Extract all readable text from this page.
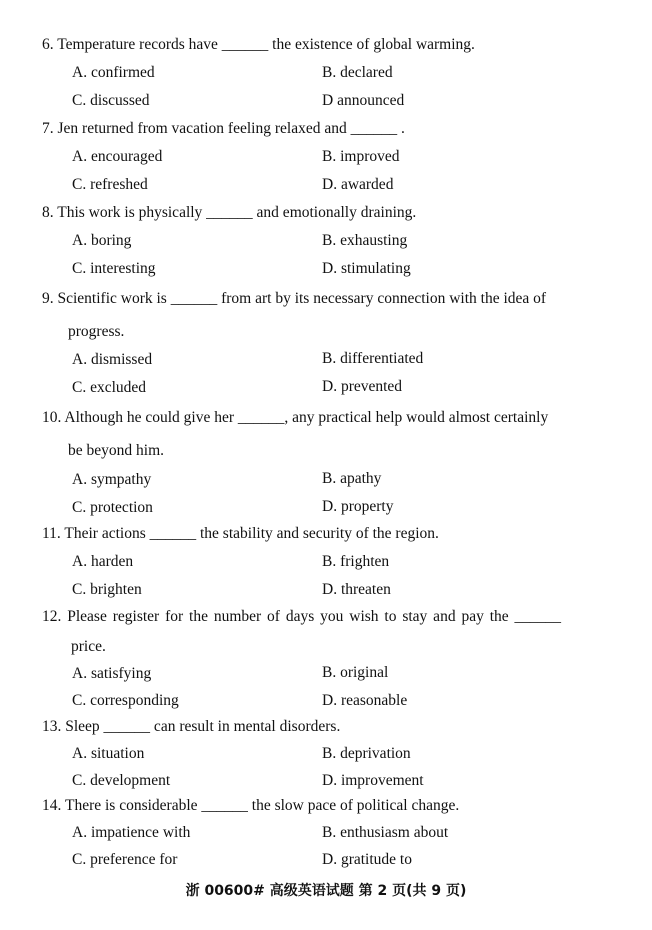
6. Temperature records have ______ the existence of global warming.
A. confirmed	B. declared
C. discussed	D announced
7. Jen returned from vacation feeling relaxed and ______ .
A. encouraged	B. improved
C. refreshed	D. awarded
8. This work is physically ______ and emotionally draining.
A. boring	B. exhausting
C. interesting	D. stimulating
9. Scientific work is ______ from art by its necessary connection with the idea of
progress.
A. dismissed	B. differentiated
C. excluded	D. prevented
10. Although he could give her ______, any practical help would almost certainly
be beyond him.
A. sympathy	B. apathy
C. protection	D. property
11. Their actions ______ the stability and security of the region.
A. harden	B. frighten
C. brighten	D. threaten
12. Please register for the number of days you wish to stay and pay the ______
price.
A. satisfying	B. original
C. corresponding	D. reasonable
13. Sleep ______ can result in mental disorders.
A. situation	B. deprivation
C. development	D. improvement
14. There is considerable ______ the slow pace of political change.
A. impatience with	B. enthusiasm about
C. preference for	D. gratitude to
浙 00600# 高级英语试题 第 2 页(共 9 页)
